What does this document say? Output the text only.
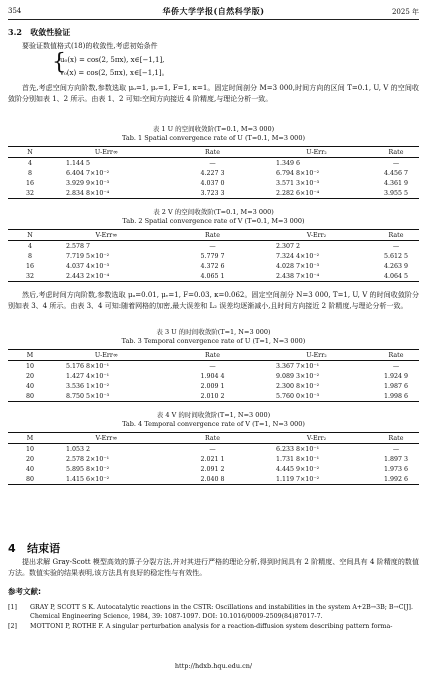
354	华侨大学学报(自然科学版)	2025 年
3.2 收敛性验证
要验证数值格式(18)的收敛性,考虑初始条件
{
u₀(x) = cos(2, 5πx), x∈[−1,1],
v₀(x) = cos(2, 5πx), x∈[−1,1]。
首先,考虑空间方向阶数,参数选取 μᵤ=1, μᵥ=1, F=1, κ=1。固定时间剖分 M=3 000,时间方向的区间 T=0.1, U, V 的空间收敛阶分别如表 1、2 所示。由表 1、2 可知:空间方向接近 4 阶精度,与理论分析一致。
表 1 U 的空间收敛阶(T=0.1, M=3 000)
Tab. 1 Spatial convergence rate of U (T=0.1, M=3 000)
N	U-Err∞	Rate	U-Err₂	Rate
4	1.144 5	—	1.349 6	—
8	6.404 7×10⁻²	4.227 3	6.794 8×10⁻²	4.456 7
16	3.929 9×10⁻³	4.037 0	3.571 3×10⁻³	4.361 9
32	2.834 8×10⁻⁴	3.723 3	2.282 6×10⁻⁴	3.955 5
表 2 V 的空间收敛阶(T=0.1, M=3 000)
Tab. 2 Spatial convergence rate of V (T=0.1, M=3 000)
N	V-Err∞	Rate	V-Err₂	Rate
4	2.578 7	—	2.307 2	—
8	7.719 5×10⁻²	5.779 7	7.324 4×10⁻²	5.612 5
16	4.037 4×10⁻³	4.372 6	4.028 7×10⁻³	4.263 9
32	2.443 2×10⁻⁴	4.065 1	2.438 7×10⁻⁴	4.064 5
然后,考虑时间方向阶数,参数选取 μᵤ=0.01, μᵥ=1, F=0.03, κ=0.062。固定空间剖分 N=3 000, T=1, U, V 的时间收敛阶分别如表 3、4 所示。由表 3、4 可知:随着网格的加密,最大误差和 L₂ 误差均逐渐减小,且时间方向接近 2 阶精度,与理论分析一致。
表 3 U 的时间收敛阶(T=1, N=3 000)
Tab. 3 Temporal convergence rate of U (T=1, N=3 000)
M	U-Err∞	Rate	U-Err₂	Rate
10	5.176 8×10⁻¹	—	3.367 7×10⁻¹	—
20	1.427 4×10⁻¹	1.904 4	9.089 3×10⁻²	1.924 9
40	3.536 1×10⁻²	2.009 1	2.300 8×10⁻²	1.987 6
80	8.750 5×10⁻³	2.010 2	5.760 0×10⁻³	1.998 6
表 4 V 的时间收敛阶(T=1, N=3 000)
Tab. 4 Temporal convergence rate of V (T=1, N=3 000)
M	V-Err∞	Rate	V-Err₂	Rate
10	1.053 2	—	6.233 8×10⁻¹	—
20	2.578 2×10⁻¹	2.021 1	1.731 8×10⁻¹	1.897 3
40	5.895 8×10⁻²	2.091 2	4.445 9×10⁻²	1.973 6
80	1.415 6×10⁻²	2.040 8	1.119 7×10⁻²	1.992 6
4 结束语
提出求解 Gray-Scott 模型高效的算子分裂方法,并对其进行严格的理论分析,得到时间具有 2 阶精度、空间具有 4 阶精度的数值方法。数值实验的结果表明,该方法具有良好的稳定性与有效性。
参考文献:
[1] GRAY P, SCOTT S K. Autocatalytic reactions in the CSTR: Oscillations and instabilities in the system A+2B→3B; B→C[J]. Chemical Engineering Science, 1984, 39: 1087-1097. DOI: 10.1016/0009-2509(84)87017-7.
[2] MOTTONI P, ROTHE F. A singular perturbation analysis for a reaction-diffusion system describing pattern forma-
http://hdxb.hqu.edu.cn/
